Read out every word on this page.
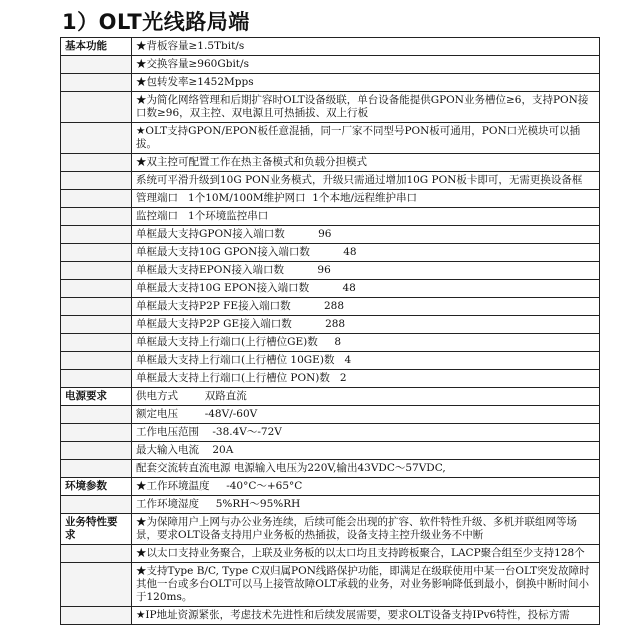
1）OLT光线路局端
基本功能	★背板容量≥1.5Tbit/s
	★交换容量≥960Gbit/s
	★包转发率≥1452Mpps
	★为简化网络管理和后期扩容时OLT设备级联，单台设备能提供GPON业务槽位≥6，支持PON接口数≥96，双主控、双电源且可热插拔、双上行板
	★OLT支持GPON/EPON板任意混插，同一厂家不同型号PON板可通用，PON口光模块可以插拔。
	★双主控可配置工作在热主备模式和负载分担模式
	系统可平滑升级到10G PON业务模式，升级只需通过增加10G PON板卡即可，无需更换设备框
	管理端口   1个10M/100M维护网口  1个本地/远程维护串口
	监控端口   1个环境监控串口
	单框最大支持GPON接入端口数          96
	单框最大支持10G GPON接入端口数          48
	单框最大支持EPON接入端口数          96
	单框最大支持10G EPON接入端口数          48
	单框最大支持P2P FE接入端口数          288
	单框最大支持P2P GE接入端口数          288
	单框最大支持上行端口(上行槽位GE)数     8
	单框最大支持上行端口(上行槽位 10GE)数   4
	单框最大支持上行端口(上行槽位 PON)数   2
电源要求	供电方式        双路直流
	额定电压        -48V/-60V
	工作电压范围    -38.4V～-72V
	最大输入电流    20A
	配套交流转直流电源 电源输入电压为220V,输出43VDC～57VDC,
环境参数	★工作环境温度     -40°C～+65°C
	工作环境湿度     5%RH～95%RH
业务特性要求	★为保障用户上网与办公业务连续，后续可能会出现的扩容、软件特性升级、多机并联组网等场景，要求OLT设备支持用户业务板的热插拔，设备支持主控升级业务不中断
	★以太口支持业务聚合，上联及业务板的以太口均且支持跨板聚合，LACP聚合组至少支持128个
	★支持Type B/C, Type C双归属PON线路保护功能，即满足在级联使用中某一台OLT突发故障时其他一台或多台OLT可以马上接管故障OLT承载的业务，对业务影响降低到最小，倒换中断时间小于120ms。
	★IP地址资源紧张，考虑技术先进性和后续发展需要，要求OLT设备支持IPv6特性，投标方需
